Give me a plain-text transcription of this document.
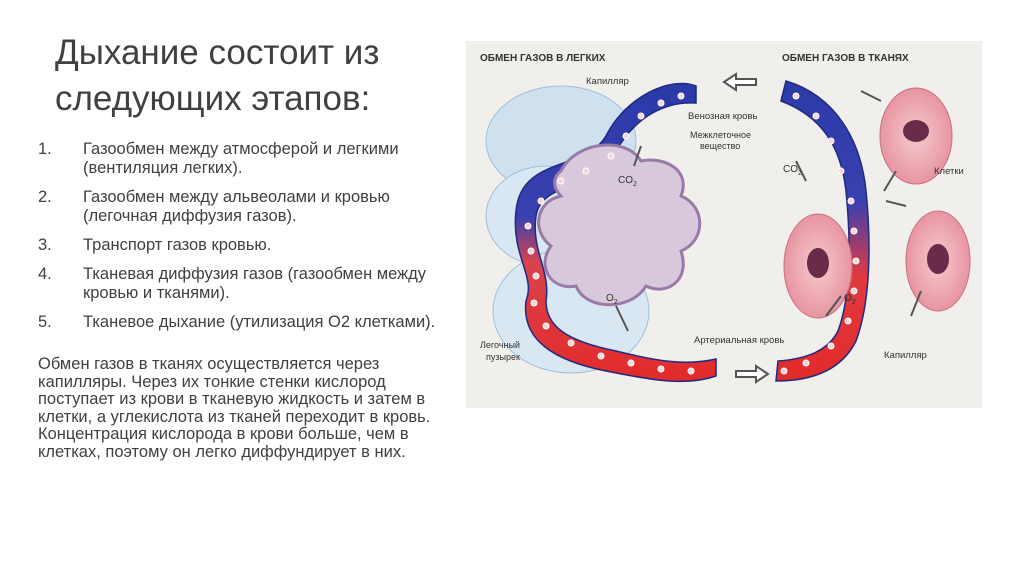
Дыхание состоит из следующих этапов:
1. Газообмен между атмосферой и легкими (вентиляция легких).
2. Газообмен между альвеолами и кровью (легочная диффузия газов).
3. Транспорт газов кровью.
4. Тканевая диффузия газов (газообмен между кровью и тканями).
5. Тканевое дыхание (утилизация О2 клетками).

Обмен газов в тканях осуществляется через капилляры. Через их тонкие стенки кислород поступает из крови в тканевую жидкость и затем в клетки, а углекислота из тканей переходит в кровь. Концентрация кислорода в крови больше, чем в клетках, поэтому он легко диффундирует в них.

ОБМЕН ГАЗОВ В ЛЕГКИХ	ОБМЕН ГАЗОВ В ТКАНЯХ
Капилляр
Венозная кровь
Межклеточное
вещество
$CO_2$
$CO_2$
$O_2$	$O_2$
Клетки
Легочный
пузырек
Артериальная кровь
Капилляр
